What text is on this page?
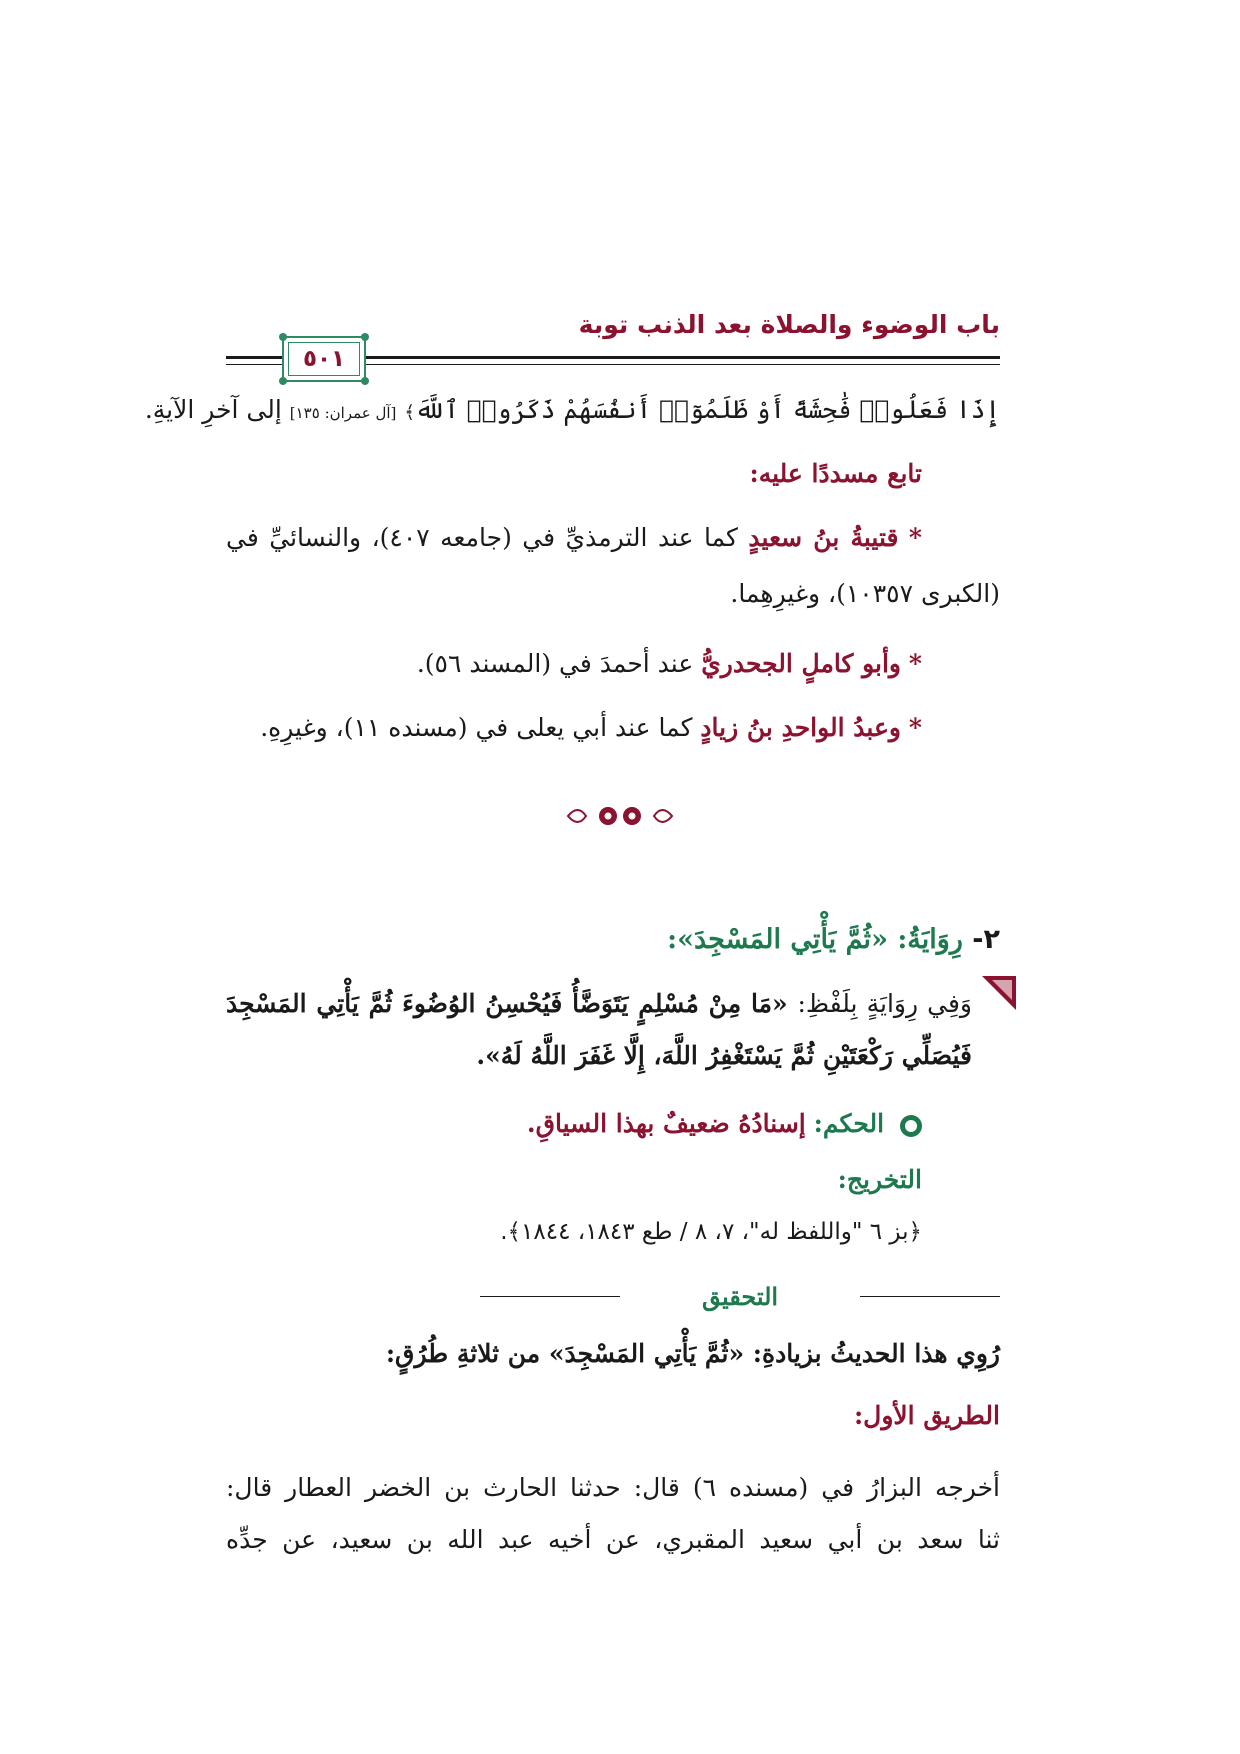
باب الوضوء والصلاة بعد الذنب توبة
٥٠١
إِذَا فَعَلُوا۟ فَٰحِشَةً أَوْ ظَلَمُوٓا۟ أَنفُسَهُمْ ذَكَرُوا۟ ٱللَّهَ﴾ [آل عمران: ١٣٥] إلى آخرِ الآيةِ.
تابع مسددًا عليه:
* قتيبةُ بنُ سعيدٍ كما عند الترمذيِّ في (جامعه ٤٠٧)، والنسائيِّ في
(الكبرى ١٠٣٥٧)، وغيرِهِما.
* وأبو كاملٍ الجحدريُّ عند أحمدَ في (المسند ٥٦).
* وعبدُ الواحدِ بنُ زيادٍ كما عند أبي يعلى في (مسنده ١١)، وغيرِهِ.
٢- رِوَايَةُ: «ثُمَّ يَأْتِي المَسْجِدَ»:
وَفِي رِوَايَةٍ بِلَفْظِ: «مَا مِنْ مُسْلِمٍ يَتَوَضَّأُ فَيُحْسِنُ الوُضُوءَ ثُمَّ يَأْتِي المَسْجِدَ
فَيُصَلِّي رَكْعَتَيْنِ ثُمَّ يَسْتَغْفِرُ اللَّهَ، إِلَّا غَفَرَ اللَّهُ لَهُ».
الحكم: إسنادُهُ ضعيفٌ بهذا السياقِ.
التخريج:
﴿بز ٦ "واللفظ له"، ٧، ٨ / طع ١٨٤٣، ١٨٤٤﴾.
التحقيق
رُوِي هذا الحديثُ بزيادةِ: «ثُمَّ يَأْتِي المَسْجِدَ» من ثلاثةِ طُرُقٍ:
الطريق الأول:
أخرجه البزارُ في (مسنده ٦) قال: حدثنا الحارث بن الخضر العطار قال:
ثنا سعد بن أبي سعيد المقبري، عن أخيه عبد الله بن سعيد، عن جدِّه
